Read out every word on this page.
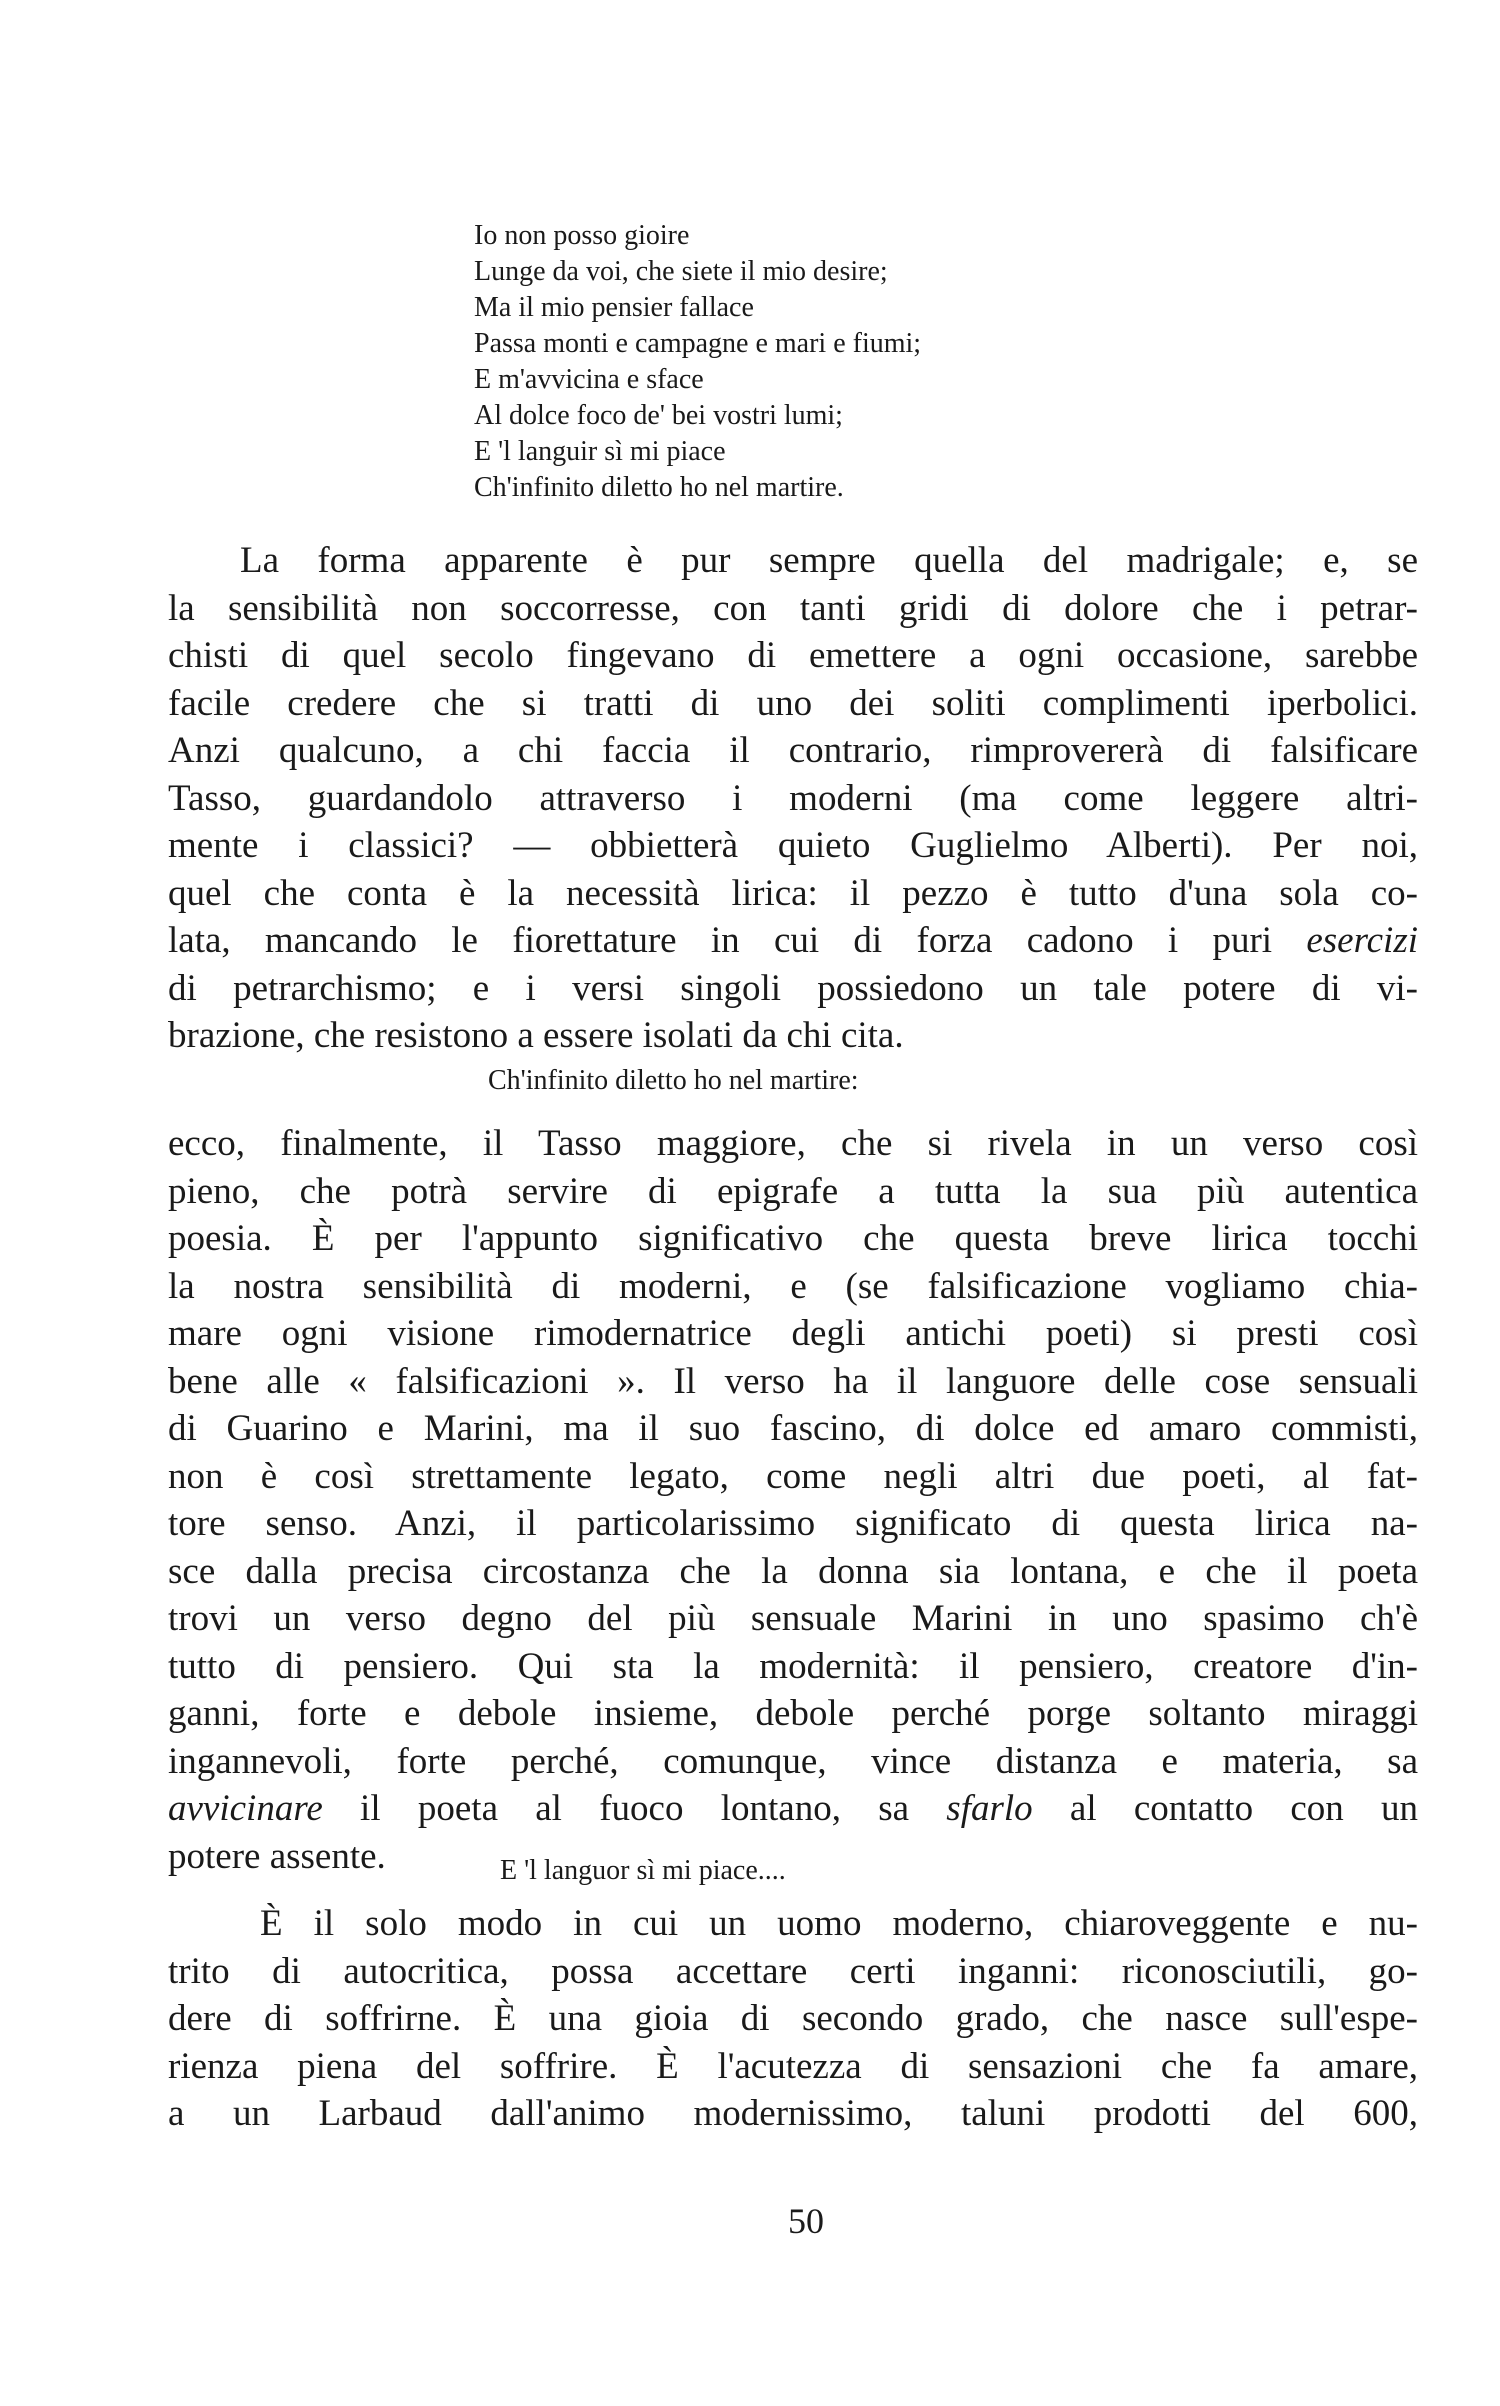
Io non posso gioire
Lunge da voi, che siete il mio desire;
Ma il mio pensier fallace
Passa monti e campagne e mari e fiumi;
E m'avvicina e sface
Al dolce foco de' bei vostri lumi;
E 'l languir sì mi piace
Ch'infinito diletto ho nel martire.
La forma apparente è pur sempre quella del madrigale; e, se
la sensibilità non soccorresse, con tanti gridi di dolore che i petrar-
chisti di quel secolo fingevano di emettere a ogni occasione, sarebbe
facile credere che si tratti di uno dei soliti complimenti iperbolici.
Anzi qualcuno, a chi faccia il contrario, rimprovererà di falsificare
Tasso, guardandolo attraverso i moderni (ma come leggere altri-
mente i classici? — obbietterà quieto Guglielmo Alberti). Per noi,
quel che conta è la necessità lirica: il pezzo è tutto d'una sola co-
lata, mancando le fiorettature in cui di forza cadono i puri esercizi
di petrarchismo; e i versi singoli possiedono un tale potere di vi-
brazione, che resistono a essere isolati da chi cita.
Ch'infinito diletto ho nel martire:
ecco, finalmente, il Tasso maggiore, che si rivela in un verso così
pieno, che potrà servire di epigrafe a tutta la sua più autentica
poesia. È per l'appunto significativo che questa breve lirica tocchi
la nostra sensibilità di moderni, e (se falsificazione vogliamo chia-
mare ogni visione rimodernatrice degli antichi poeti) si presti così
bene alle « falsificazioni ». Il verso ha il languore delle cose sensuali
di Guarino e Marini, ma il suo fascino, di dolce ed amaro commisti,
non è così strettamente legato, come negli altri due poeti, al fat-
tore senso. Anzi, il particolarissimo significato di questa lirica na-
sce dalla precisa circostanza che la donna sia lontana, e che il poeta
trovi un verso degno del più sensuale Marini in uno spasimo ch'è
tutto di pensiero. Qui sta la modernità: il pensiero, creatore d'in-
ganni, forte e debole insieme, debole perché porge soltanto miraggi
ingannevoli, forte perché, comunque, vince distanza e materia, sa
avvicinare il poeta al fuoco lontano, sa sfarlo al contatto con un
potere assente.	E 'l languor sì mi piace....
È il solo modo in cui un uomo moderno, chiaroveggente e nu-
trito di autocritica, possa accettare certi inganni: riconosciutili, go-
dere di soffrirne. È una gioia di secondo grado, che nasce sull'espe-
rienza piena del soffrire. È l'acutezza di sensazioni che fa amare,
a un Larbaud dall'animo modernissimo, taluni prodotti del 600,
50
